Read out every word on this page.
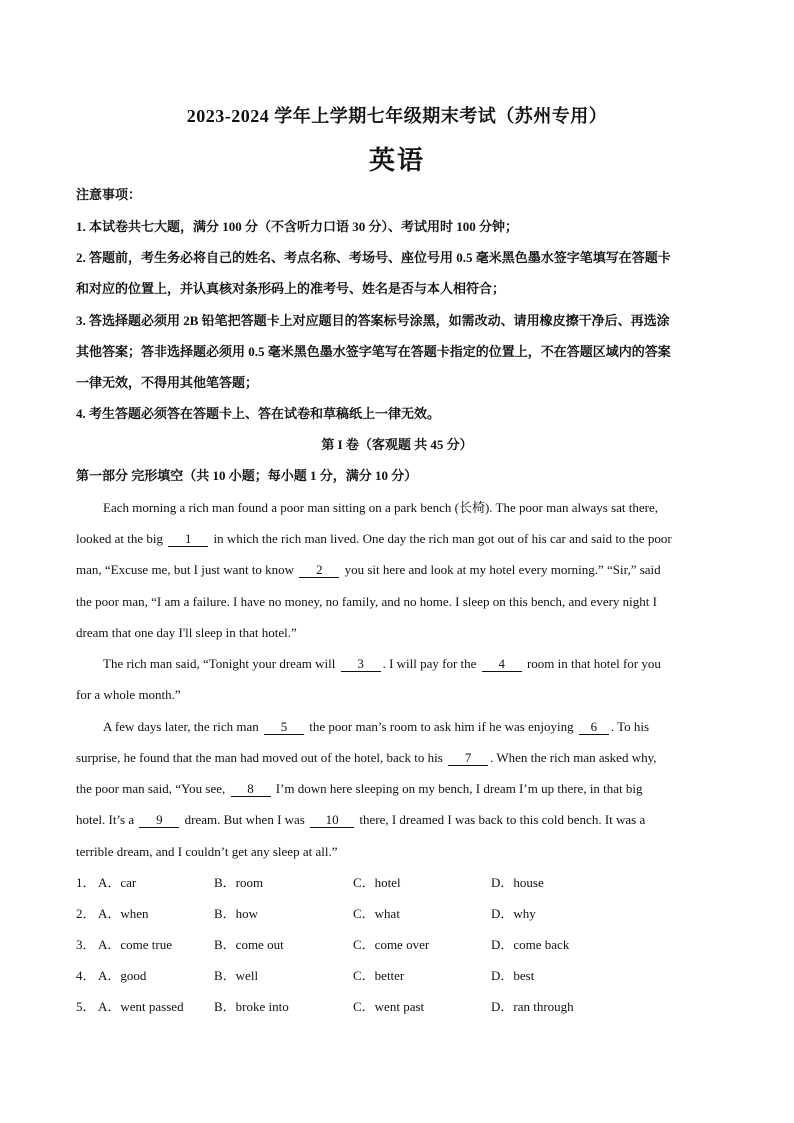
2023-2024 学年上学期七年级期末考试（苏州专用）
英语
注意事项：
1. 本试卷共七大题，满分 100 分（不含听力口语 30 分）、考试用时 100 分钟；
2. 答题前，考生务必将自己的姓名、考点名称、考场号、座位号用 0.5 毫米黑色墨水签字笔填写在答题卡
和对应的位置上，并认真核对条形码上的准考号、姓名是否与本人相符合；
3. 答选择题必须用 2B 铅笔把答题卡上对应题目的答案标号涂黑，如需改动、请用橡皮擦干净后、再选涂
其他答案；答非选择题必须用 0.5 毫米黑色墨水签字笔写在答题卡指定的位置上，不在答题区域内的答案
一律无效，不得用其他笔答题；
4. 考生答题必须答在答题卡上、答在试卷和草稿纸上一律无效。
第 I 卷（客观题 共 45 分）
第一部分 完形填空（共 10 小题；每小题 1 分，满分 10 分）
Each morning a rich man found a poor man sitting on a park bench (长椅). The poor man always sat there,
looked at the big 1 in which the rich man lived. One day the rich man got out of his car and said to the poor
man, “Excuse me, but I just want to know 2 you sit here and look at my hotel every morning.” “Sir,” said
the poor man, “I am a failure. I have no money, no family, and no home. I sleep on this bench, and every night I
dream that one day I'll sleep in that hotel.”
The rich man said, “Tonight your dream will 3 . I will pay for the 4 room in that hotel for you
for a whole month.”
A few days later, the rich man 5 the poor man’s room to ask him if he was enjoying 6 . To his
surprise, he found that the man had moved out of the hotel, back to his 7 . When the rich man asked why,
the poor man said, “You see, 8 I’m down here sleeping on my bench, I dream I’m up there, in that big
hotel. It’s a 9 dream. But when I was 10 there, I dreamed I was back to this cold bench. It was a
terrible dream, and I couldn’t get any sleep at all.”
1． A．car	B．room	C．hotel	D．house
2． A．when	B．how	C．what	D．why
3． A．come true	B．come out	C．come over	D．come back
4． A．good	B．well	C．better	D．best
5． A．went passed B．broke into	C．went past	D．ran through
